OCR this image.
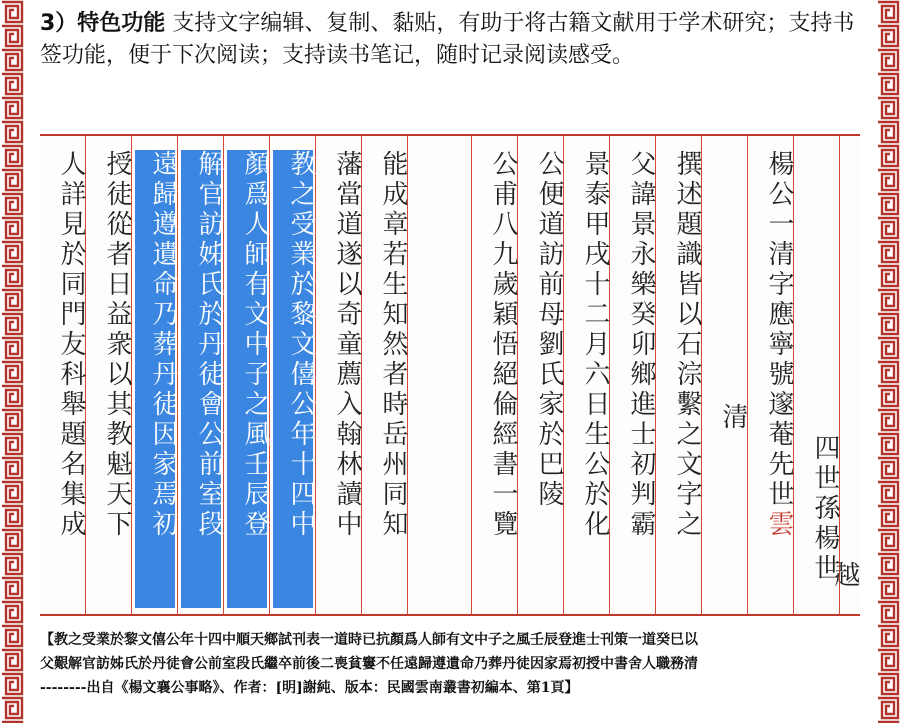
3）特色功能 支持文字编辑、复制、黏贴，有助于将古籍文献用于学术研究；支持书签功能，便于下次阅读；支持读书笔记，随时记录阅读感受。
楊公一清字應寧號邃菴先世雲
撰述題識皆以石淙繫之文字之
父諱景永樂癸卯鄉進士初判霸
景泰甲戌十二月六日生公於化
公便道訪前母劉氏家於巴陵
公甫八九歲穎悟絕倫經書一覽
能成章若生知然者時岳州同知
藩當道遂以奇童薦入翰林讀中
教之受業於黎文僖公年十四中
顏爲人師有文中子之風壬辰登
解官訪姊氏於丹徒會公前室段
遠歸遵遺命乃葬丹徒因家焉初
授徒從者日益衆以其教魁天下
人詳見於同門友科舉題名集成	清
四世孫楊世
越
【教之受業於黎文僖公年十四中順天鄉試刊表一道時已抗顏爲人師有文中子之風壬辰登進士刊策一道癸巳以
父艱解官訪姊氏於丹徒會公前室段氏繼卒前後二喪貧窶不任遠歸遵遺命乃葬丹徒因家焉初授中書舍人職務清
--------出自《楊文襄公事略》、作者：[明]謝純、版本：民國雲南叢書初編本、第1頁】
